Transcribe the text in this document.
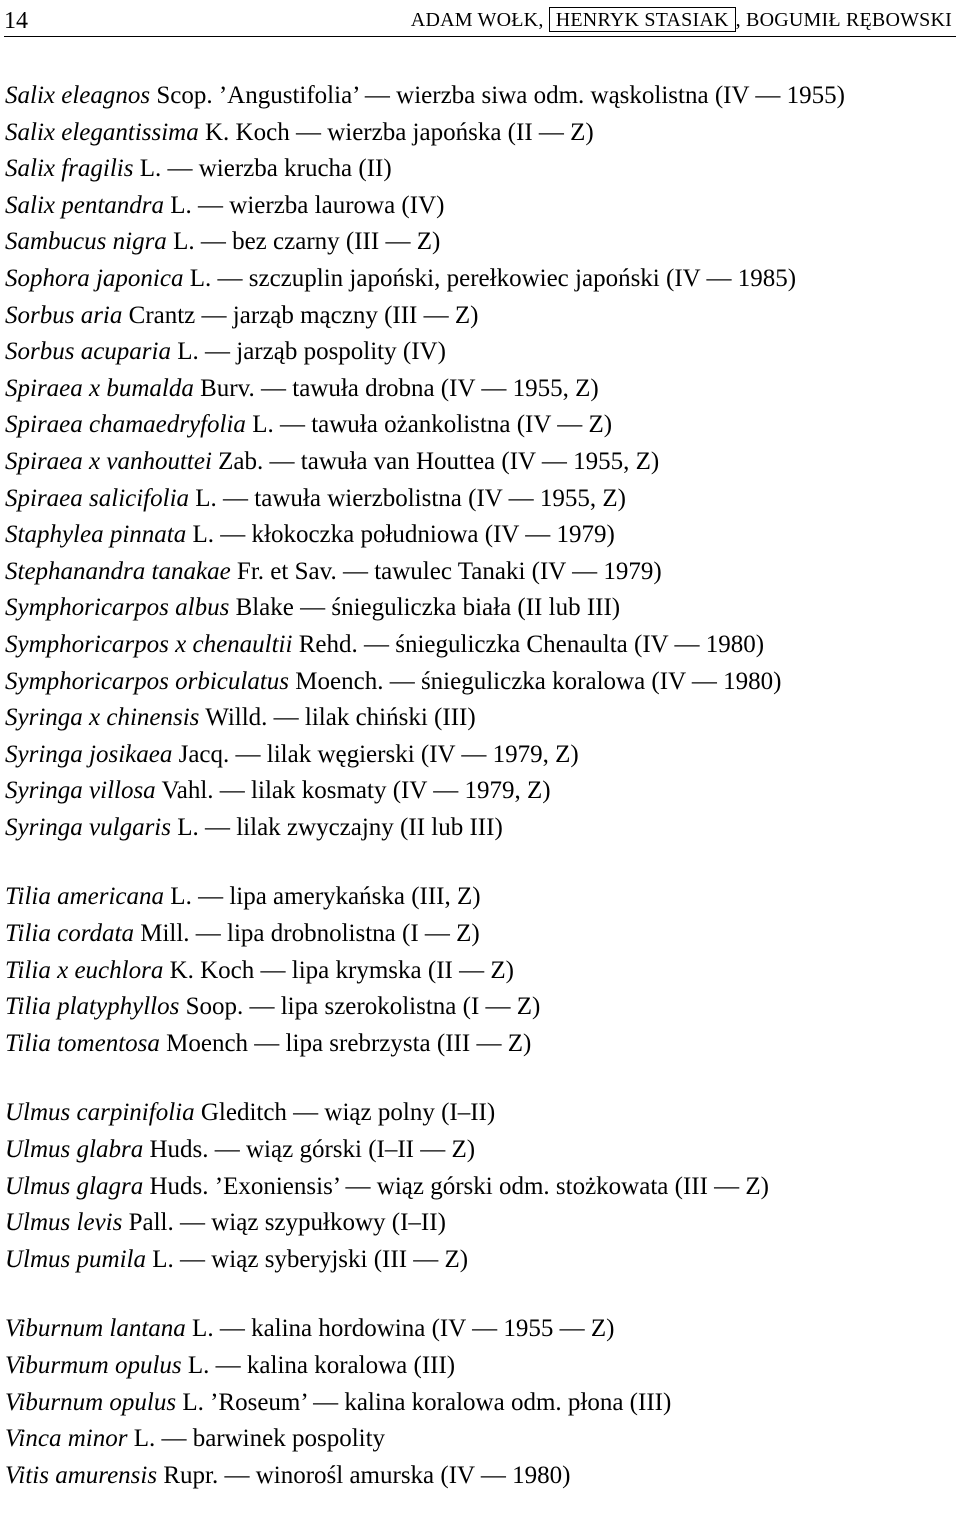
14	ADAM WOŁK, HENRYK STASIAK , BOGUMIŁ RĘBOWSKI
Salix eleagnos Scop. ’Angustifolia’ — wierzba siwa odm. wąskolistna (IV — 1955)
Salix elegantissima K. Koch — wierzba japońska (II — Z)
Salix fragilis L. — wierzba krucha (II)
Salix pentandra L. — wierzba laurowa (IV)
Sambucus nigra L. — bez czarny (III — Z)
Sophora japonica L. — szczuplin japoński, perełkowiec japoński (IV — 1985)
Sorbus aria Crantz — jarząb mączny (III — Z)
Sorbus acuparia L. — jarząb pospolity (IV)
Spiraea x bumalda Burv. — tawuła drobna (IV — 1955, Z)
Spiraea chamaedryfolia L. — tawuła ożankolistna (IV — Z)
Spiraea x vanhouttei Zab. — tawuła van Houttea (IV — 1955, Z)
Spiraea salicifolia L. — tawuła wierzbolistna (IV — 1955, Z)
Staphylea pinnata L. — kłokoczka południowa (IV — 1979)
Stephanandra tanakae Fr. et Sav. — tawulec Tanaki (IV — 1979)
Symphoricarpos albus Blake — śnieguliczka biała (II lub III)
Symphoricarpos x chenaultii Rehd. — śnieguliczka Chenaulta (IV — 1980)
Symphoricarpos orbiculatus Moench. — śnieguliczka koralowa (IV — 1980)
Syringa x chinensis Willd. — lilak chiński (III)
Syringa josikaea Jacq. — lilak węgierski (IV — 1979, Z)
Syringa villosa Vahl. — lilak kosmaty (IV — 1979, Z)
Syringa vulgaris L. — lilak zwyczajny (II lub III)
Tilia americana L. — lipa amerykańska (III, Z)
Tilia cordata Mill. — lipa drobnolistna (I — Z)
Tilia x euchlora K. Koch — lipa krymska (II — Z)
Tilia platyphyllos Soop. — lipa szerokolistna (I — Z)
Tilia tomentosa Moench — lipa srebrzysta (III — Z)
Ulmus carpinifolia Gleditch — wiąz polny (I–II)
Ulmus glabra Huds. — wiąz górski (I–II — Z)
Ulmus glagra Huds. ’Exoniensis’ — wiąz górski odm. stożkowata (III — Z)
Ulmus levis Pall. — wiąz szypułkowy (I–II)
Ulmus pumila L. — wiąz syberyjski (III — Z)
Viburnum lantana L. — kalina hordowina (IV — 1955 — Z)
Viburmum opulus L. — kalina koralowa (III)
Viburnum opulus L. ’Roseum’ — kalina koralowa odm. płona (III)
Vinca minor L. — barwinek pospolity
Vitis amurensis Rupr. — winorośl amurska (IV — 1980)
